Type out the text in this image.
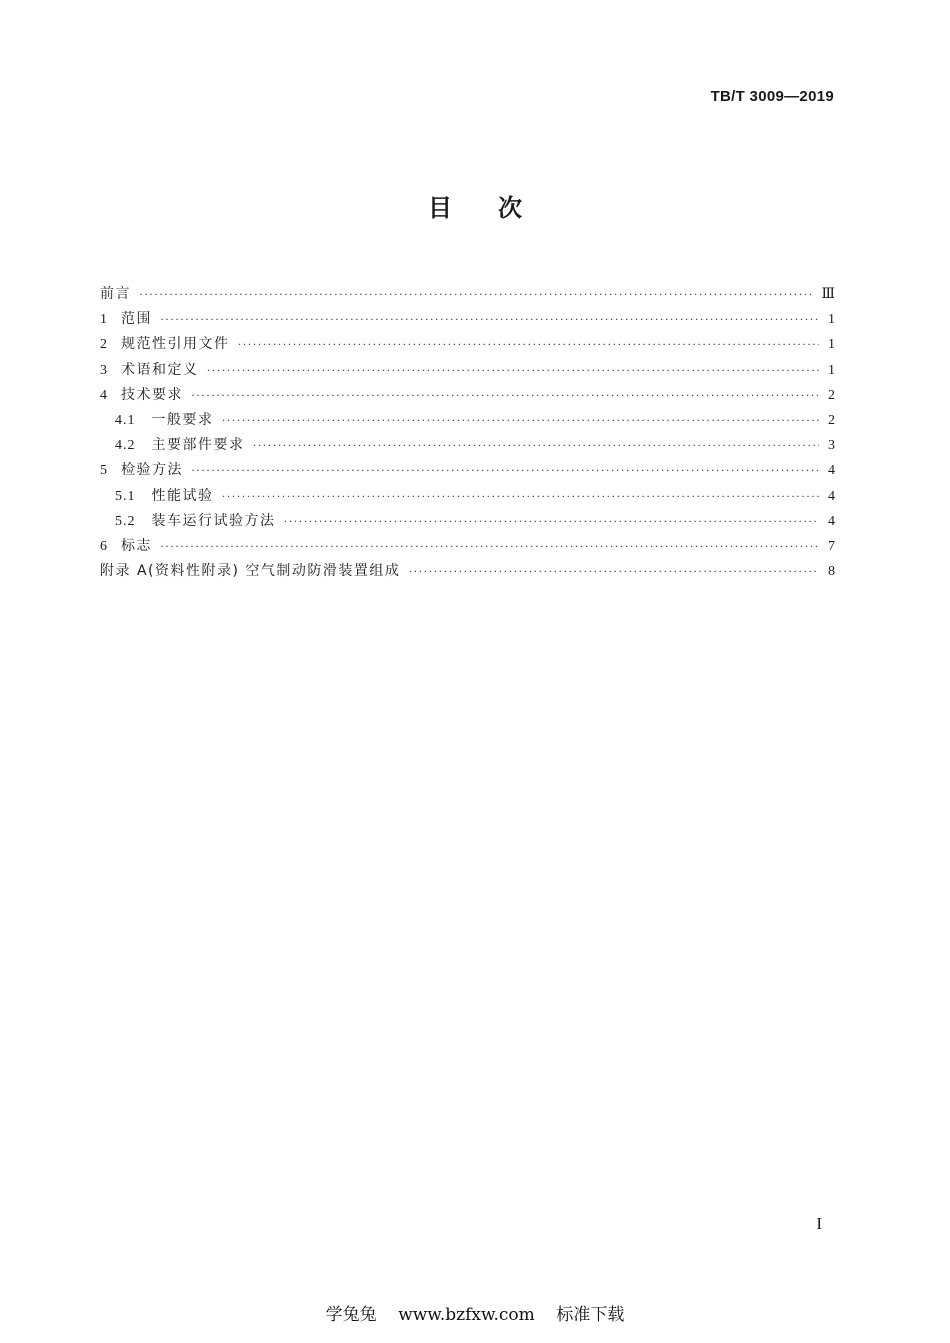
TB/T 3009—2019
目次
前言 ·····	Ⅲ
1 范围 ·····	1
2 规范性引用文件 ·····	1
3 术语和定义 ·····	1
4 技术要求 ·····	2
4.1 一般要求 ·····	2
4.2 主要部件要求 ·····	3
5 检验方法 ·····	4
5.1 性能试验 ·····	4
5.2 装车运行试验方法 ·····	4
6 标志 ·····	7
附录 A(资料性附录) 空气制动防滑装置组成 ·····	8
I
学兔兔    www.bzfxw.com    标准下载
